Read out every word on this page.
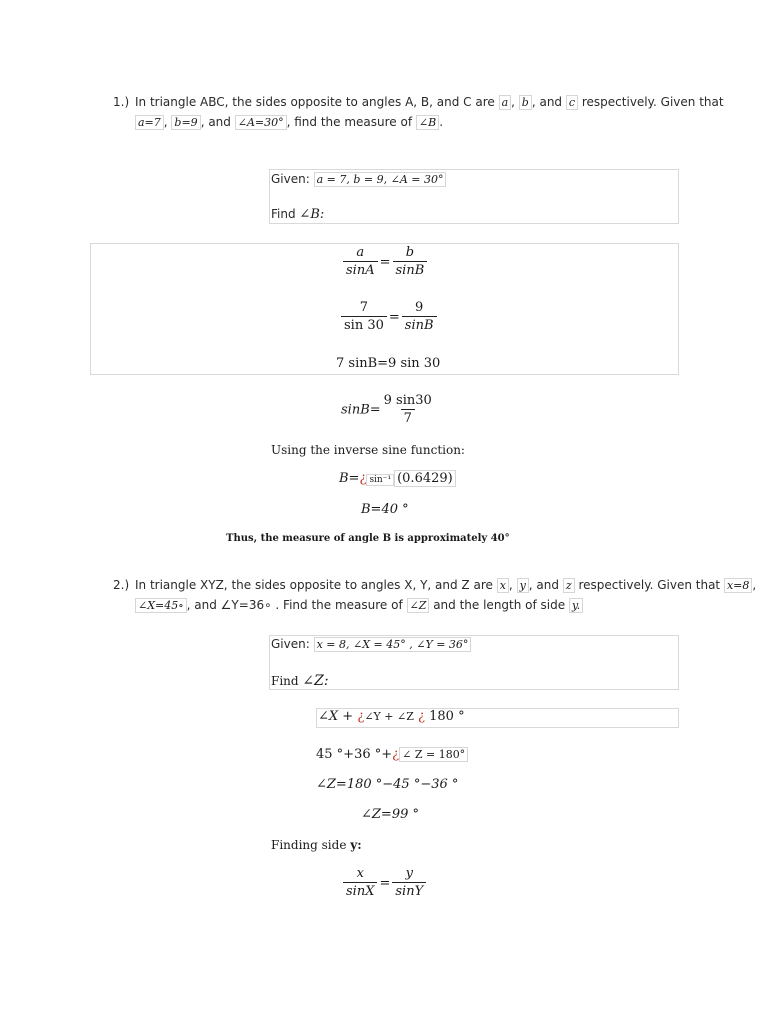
1.) In triangle ABC, the sides opposite to angles A, B, and C are a , b , and c respectively. Given that
a=7 , b=9 , and ∠A=30° , find the measure of ∠B .
Given: a = 7, b = 9, ∠A = 30°
Find ∠B:
$\frac{a}{\sin A} = \frac{b}{\sin B}$
$\frac{7}{\sin 30} = \frac{9}{\sin B}$
7 sinB=9 sin 30
$\sin B= \frac{9 \sin 30}{7}$
Using the inverse sine function:
B=¿ sin⁻¹ (0.6429)
B=40 °
Thus, the measure of angle B is approximately 40°
2.) In triangle XYZ, the sides opposite to angles X, Y, and Z are x , y , and z respectively. Given that x=8 ,
∠X=45∘ , and ∠Y=36∘ . Find the measure of ∠Z and the length of side y.
Given: x = 8, ∠X = 45° , ∠Y = 36°
Find ∠Z:
∠X + ¿∠Y + ∠Z ¿ 180 °
45 °+36 °+¿ ∠ Z = 180°
∠Z=180 °−45 °−36 °
∠Z=99 °
Finding side y:
$\frac{x}{\sin X} = \frac{y}{\sin Y}$
